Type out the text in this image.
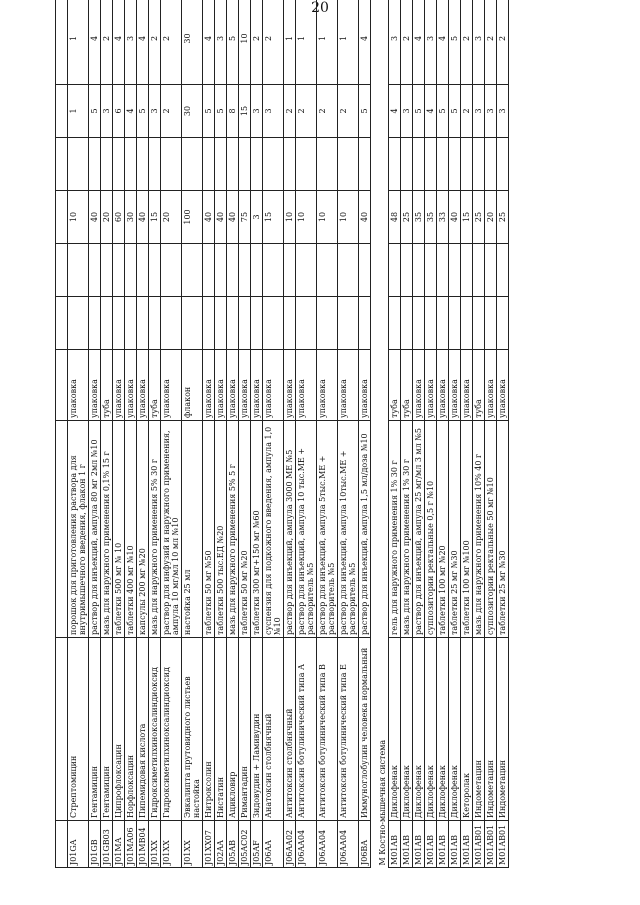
20

J01GA	Стрептомицин	порошок для приготовления раствора для внутримышечного введения, флакон 1 г	упаковка			10		1	1
J01GB	Гентамицин	раствор для инъекций, ампула 80 мг 2мл №10	упаковка			40		5	4
J01GB03	Гентамицин	мазь для наружного применения 0,1% 15 г	туба			20		3	2
J01MA	Ципрофлоксацин	таблетки 500 мг № 10	упаковка			60		6	4
J01MA06	Норфлоксацин	таблетки 400 мг №10	упаковка			30		4	3
J01MB04	Пипемидовая кислота	капсулы 200 мг №20	упаковка			40		5	4
J01XX	Гидроксиметилхиноксалиндиоксид	мазь для наружного применения 5% 30 г	туба			15		3	2
J01XX	Гидроксиметилхиноксалиндиоксид	раствор для инфузий и наружного применения, ампула 10 мг/мл 10 мл №10	упаковка			20		2	2
J01XX	Эвкалипта прутовидного листьев настойка	настойка 25 мл	флакон			100		30	30
J01XX07	Нитроксолин	таблетки 50 мг №50	упаковка			40		5	4
J02AA	Нистатин	таблетки 500 тыс.ЕД №20	упаковка			40		5	3
J05AB	Ацикловир	мазь для наружного применения 5% 5 г	упаковка			40		8	5
J05AC02	Римантадин	таблетки 50 мг №20	упаковка			75		15	10
J05AF	Зидовудин + Ламивудин	таблетки 300 мг+150 мг №60	упаковка			3		3	2
J06AA	Анатоксин столбнячный	суспензия для подкожного введения, ампула 1,0 №10	упаковка			15		3	2
J06AA02	Антитоксин столбнячный	раствор для инъекций, ампула 3000 МЕ №5	упаковка			10		2	1
J06AA04	Антитоксин ботулинический типа А	раствор для инъекций, ампула 10 тыс.МЕ + растворитель №5	упаковка			10		2	1
J06AA04	Антитоксин ботулинический типа В	раствор для инъекций, ампула 5тыс.МЕ + растворитель №5	упаковка			10		2	1
J06AA04	Антитоксин ботулинический типа Е	раствор для инъекций, ампула 10тыс.МЕ + растворитель №5	упаковка			10		2	1
J06BA	Иммуноглобулин человека нормальный	раствор для инъекций, ампула 1,5 мл/доза №10	упаковка			40		5	4
M Костно-мышечная система									
M01AB	Диклофенак	гель для наружного применения 1% 30 г	туба			48		4	3
M01AB	Диклофенак	мазь для наружного применения 1% 30 г	туба			25		3	2
M01AB	Диклофенак	раствор для инъекций, ампула 25 мг/мл 3 мл №5	упаковка			35		5	4
M01AB	Диклофенак	суппозитории ректальные 0,5 г №10	упаковка			35		4	3
M01AB	Диклофенак	таблетки 100 мг №20	упаковка			33		5	4
M01AB	Диклофенак	таблетки 25 мг №30	упаковка			40		5	5
M01AB	Кеторолак	таблетки 100 мг №100	упаковка			15		2	2
M01AB01	Индометацин	мазь для наружного применения 10% 40 г	туба			25		3	3
M01AB01	Индометацин	суппозитории ректальные 50 мг №10	упаковка			20		3	2
M01AB01	Индометацин	таблетки 25 мг №30	упаковка			25		3	2
